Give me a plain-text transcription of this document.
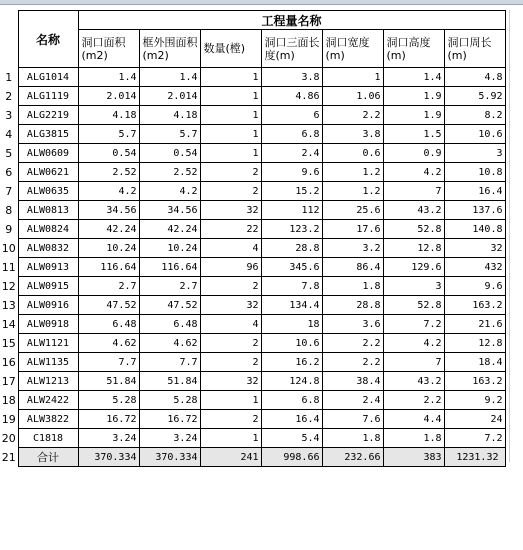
	名称	工程量名称						
		洞口面积(m2)	框外围面积(m2)	数量(樘)	洞口三面长度(m)	洞口宽度(m)	洞口高度(m)	洞口周长(m)
1	ALG1014	1.4	1.4	1	3.8	1	1.4	4.8
2	ALG1119	2.014	2.014	1	4.86	1.06	1.9	5.92
3	ALG2219	4.18	4.18	1	6	2.2	1.9	8.2
4	ALG3815	5.7	5.7	1	6.8	3.8	1.5	10.6
5	ALW0609	0.54	0.54	1	2.4	0.6	0.9	3
6	ALW0621	2.52	2.52	2	9.6	1.2	4.2	10.8
7	ALW0635	4.2	4.2	2	15.2	1.2	7	16.4
8	ALW0813	34.56	34.56	32	112	25.6	43.2	137.6
9	ALW0824	42.24	42.24	22	123.2	17.6	52.8	140.8
10	ALW0832	10.24	10.24	4	28.8	3.2	12.8	32
11	ALW0913	116.64	116.64	96	345.6	86.4	129.6	432
12	ALW0915	2.7	2.7	2	7.8	1.8	3	9.6
13	ALW0916	47.52	47.52	32	134.4	28.8	52.8	163.2
14	ALW0918	6.48	6.48	4	18	3.6	7.2	21.6
15	ALW1121	4.62	4.62	2	10.6	2.2	4.2	12.8
16	ALW1135	7.7	7.7	2	16.2	2.2	7	18.4
17	ALW1213	51.84	51.84	32	124.8	38.4	43.2	163.2
18	ALW2422	5.28	5.28	1	6.8	2.4	2.2	9.2
19	ALW3822	16.72	16.72	2	16.4	7.6	4.4	24
20	C1818	3.24	3.24	1	5.4	1.8	1.8	7.2
21	合计	370.334	370.334	241	998.66	232.66	383	1231.32
